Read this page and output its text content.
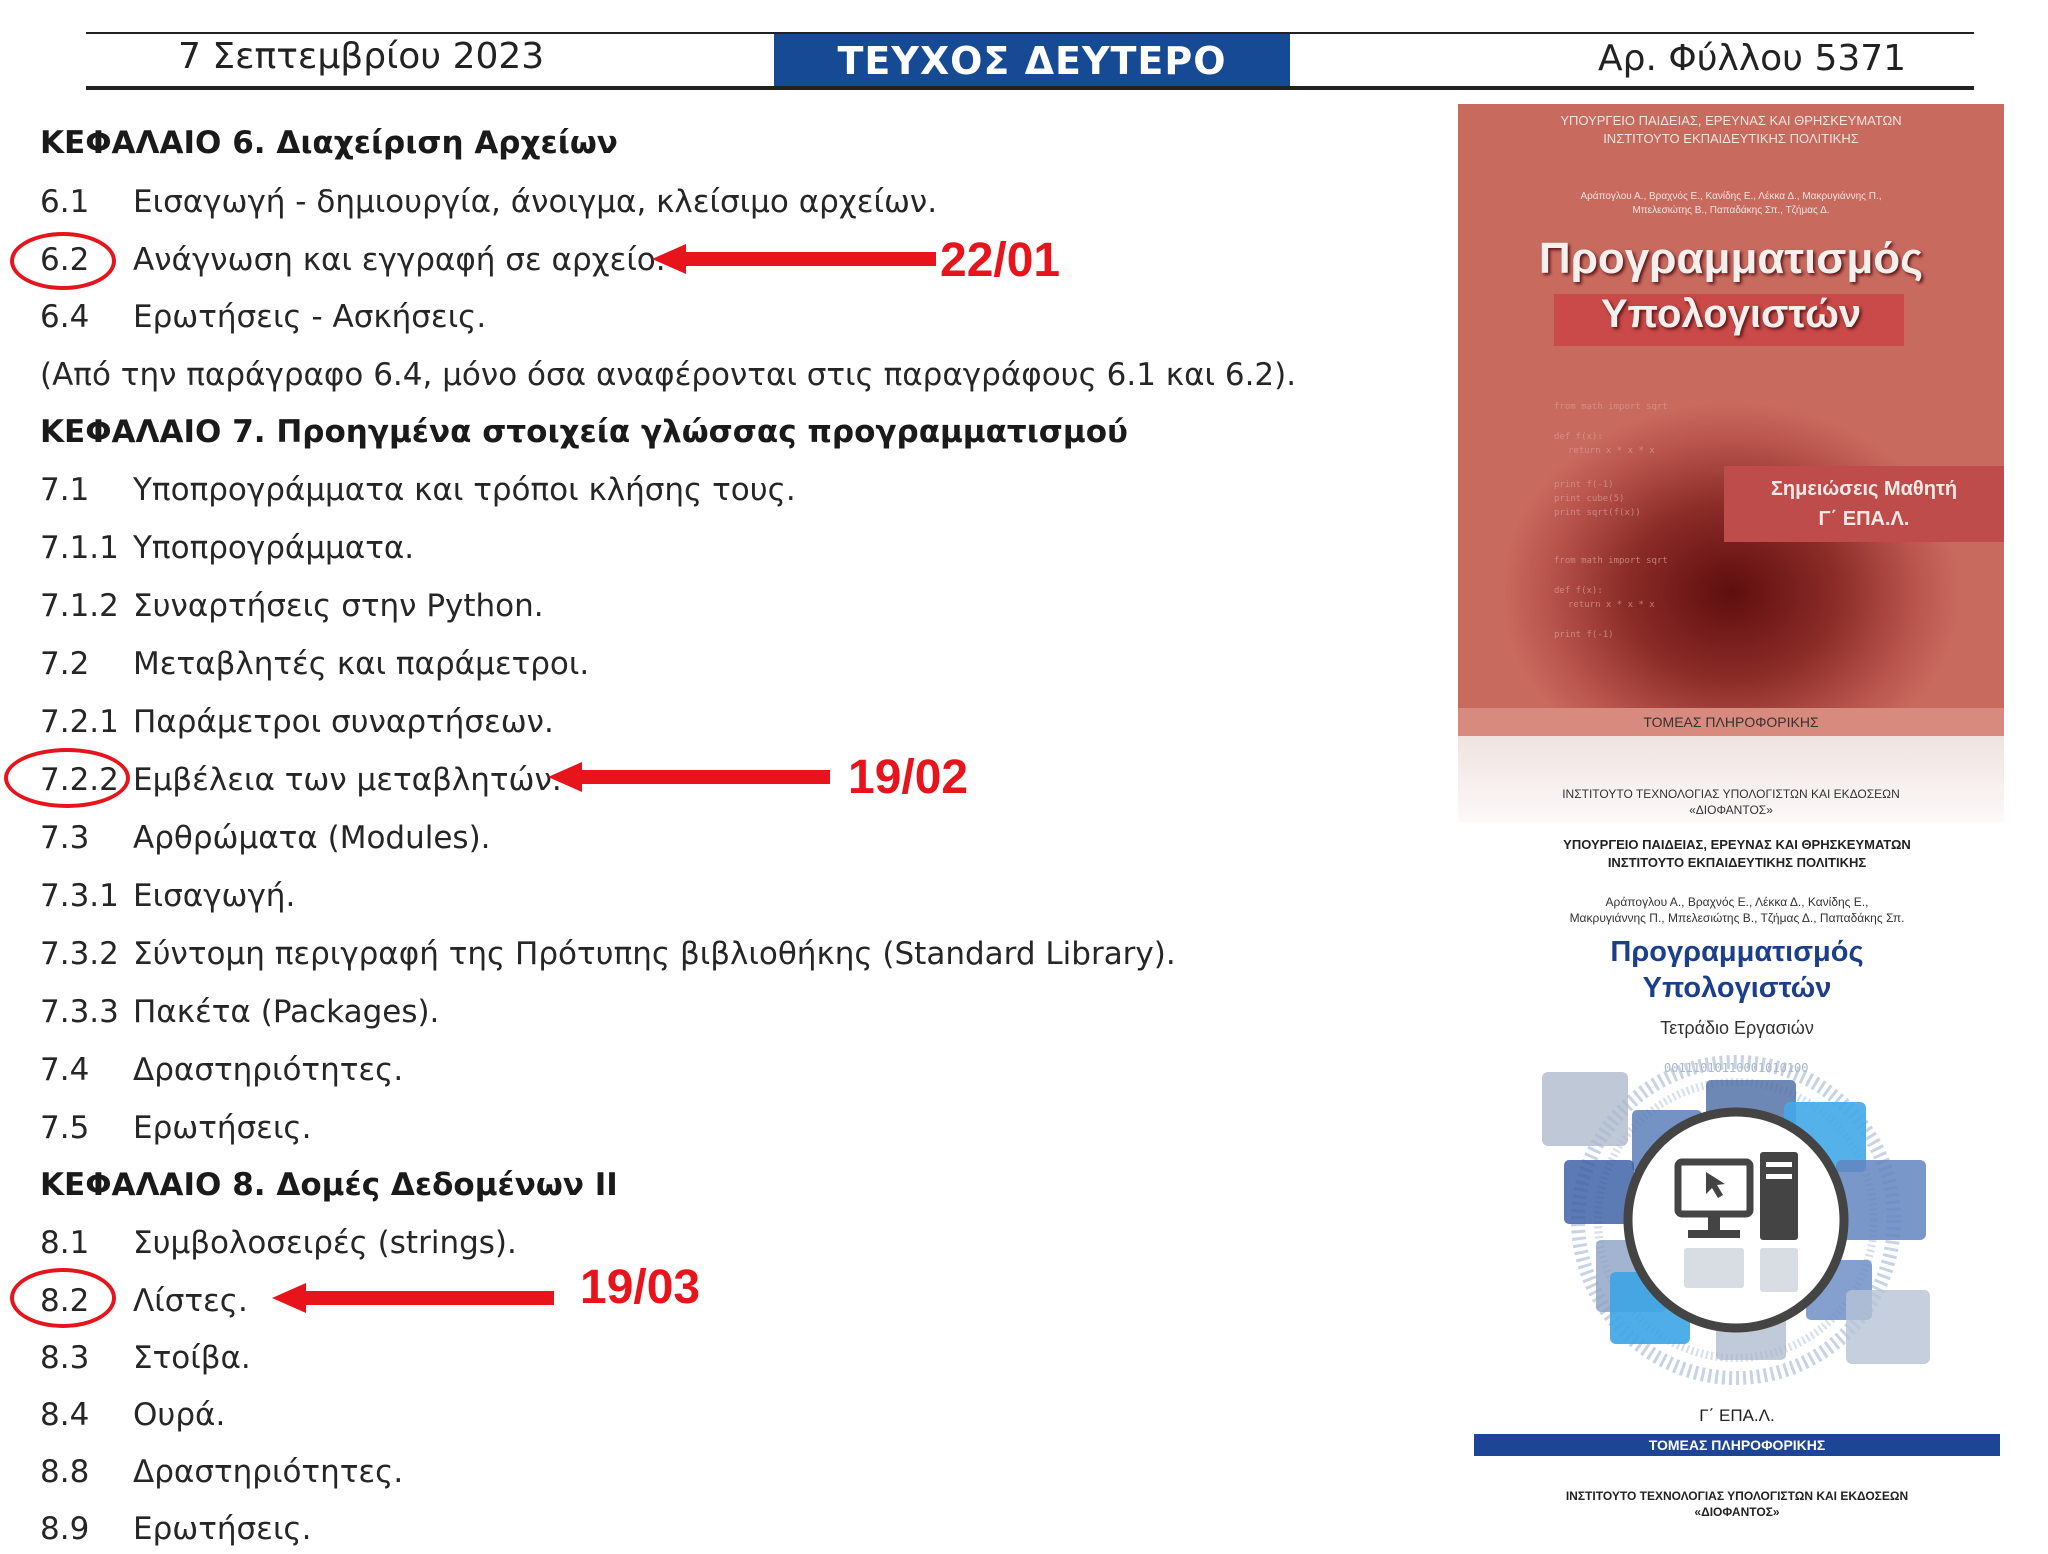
7 Σεπτεμβρίου 2023	ΤΕΥΧΟΣ ΔΕΥΤΕΡΟ	Αρ. Φύλλου 5371
ΚΕΦΑΛΑΙΟ 6. Διαχείριση Αρχείων
6.1 Εισαγωγή - δημιουργία, άνοιγμα, κλείσιμο αρχείων.
6.2 Ανάγνωση και εγγραφή σε αρχείο.
6.4 Ερωτήσεις - Ασκήσεις.
(Από την παράγραφο 6.4, μόνο όσα αναφέρονται στις παραγράφους 6.1 και 6.2).
ΚΕΦΑΛΑΙΟ 7. Προηγμένα στοιχεία γλώσσας προγραμματισμού
7.1 Υποπρογράμματα και τρόποι κλήσης τους.
7.1.1 Υποπρογράμματα.
7.1.2 Συναρτήσεις στην Python.
7.2 Μεταβλητές και παράμετροι.
7.2.1 Παράμετροι συναρτήσεων.
7.2.2 Εμβέλεια των μεταβλητών.
7.3 Αρθρώματα (Modules).
7.3.1 Εισαγωγή.
7.3.2 Σύντομη περιγραφή της Πρότυπης βιβλιοθήκης (Standard Library).
7.3.3 Πακέτα (Packages).
7.4 Δραστηριότητες.
7.5 Ερωτήσεις.
ΚΕΦΑΛΑΙΟ 8. Δομές Δεδομένων ΙΙ
8.1 Συμβολοσειρές (strings).
8.2 Λίστες.
8.3 Στοίβα.
8.4 Ουρά.
8.8 Δραστηριότητες.
8.9 Ερωτήσεις.
22/01
19/02
19/03
ΥΠΟΥΡΓΕΙΟ ΠΑΙΔΕΙΑΣ, ΕΡΕΥΝΑΣ ΚΑΙ ΘΡΗΣΚΕΥΜΑΤΩΝ
ΙΝΣΤΙΤΟΥΤΟ ΕΚΠΑΙΔΕΥΤΙΚΗΣ ΠΟΛΙΤΙΚΗΣ
Αράπογλου Α., Βραχνός Ε., Κανίδης Ε., Λέκκα Δ., Μακρυγιάννης Π.,
Μπελεσιώτης Β., Παπαδάκης Σπ., Τζήμας Δ.
Προγραμματισμός
Υπολογιστών
from math import sqrt
def f(x):
return x * x * x
print f(-1)
print cube(5)
print sqrt(f(x))
from math import sqrt
def f(x):
return x * x * x
print f(-1)
Σημειώσεις Μαθητή
Γ΄ ΕΠΑ.Λ.
ΤΟΜΕΑΣ ΠΛΗΡΟΦΟΡΙΚΗΣ
ΙΝΣΤΙΤΟΥΤΟ ΤΕΧΝΟΛΟΓΙΑΣ ΥΠΟΛΟΓΙΣΤΩΝ ΚΑΙ ΕΚΔΟΣΕΩΝ
«ΔΙΟΦΑΝΤΟΣ»
ΥΠΟΥΡΓΕΙΟ ΠΑΙΔΕΙΑΣ, ΕΡΕΥΝΑΣ ΚΑΙ ΘΡΗΣΚΕΥΜΑΤΩΝ
ΙΝΣΤΙΤΟΥΤΟ ΕΚΠΑΙΔΕΥΤΙΚΗΣ ΠΟΛΙΤΙΚΗΣ
Αράπογλου Α., Βραχνός Ε., Λέκκα Δ., Κανίδης Ε.,
Μακρυγιάννης Π., Μπελεσιώτης Β., Τζήμας Δ., Παπαδάκης Σπ.
Προγραμματισμός
Υπολογιστών
Τετράδιο Εργασιών
00111010110001010100
Γ΄ ΕΠΑ.Λ.
ΤΟΜΕΑΣ ΠΛΗΡΟΦΟΡΙΚΗΣ
ΙΝΣΤΙΤΟΥΤΟ ΤΕΧΝΟΛΟΓΙΑΣ ΥΠΟΛΟΓΙΣΤΩΝ ΚΑΙ ΕΚΔΟΣΕΩΝ
«ΔΙΟΦΑΝΤΟΣ»
